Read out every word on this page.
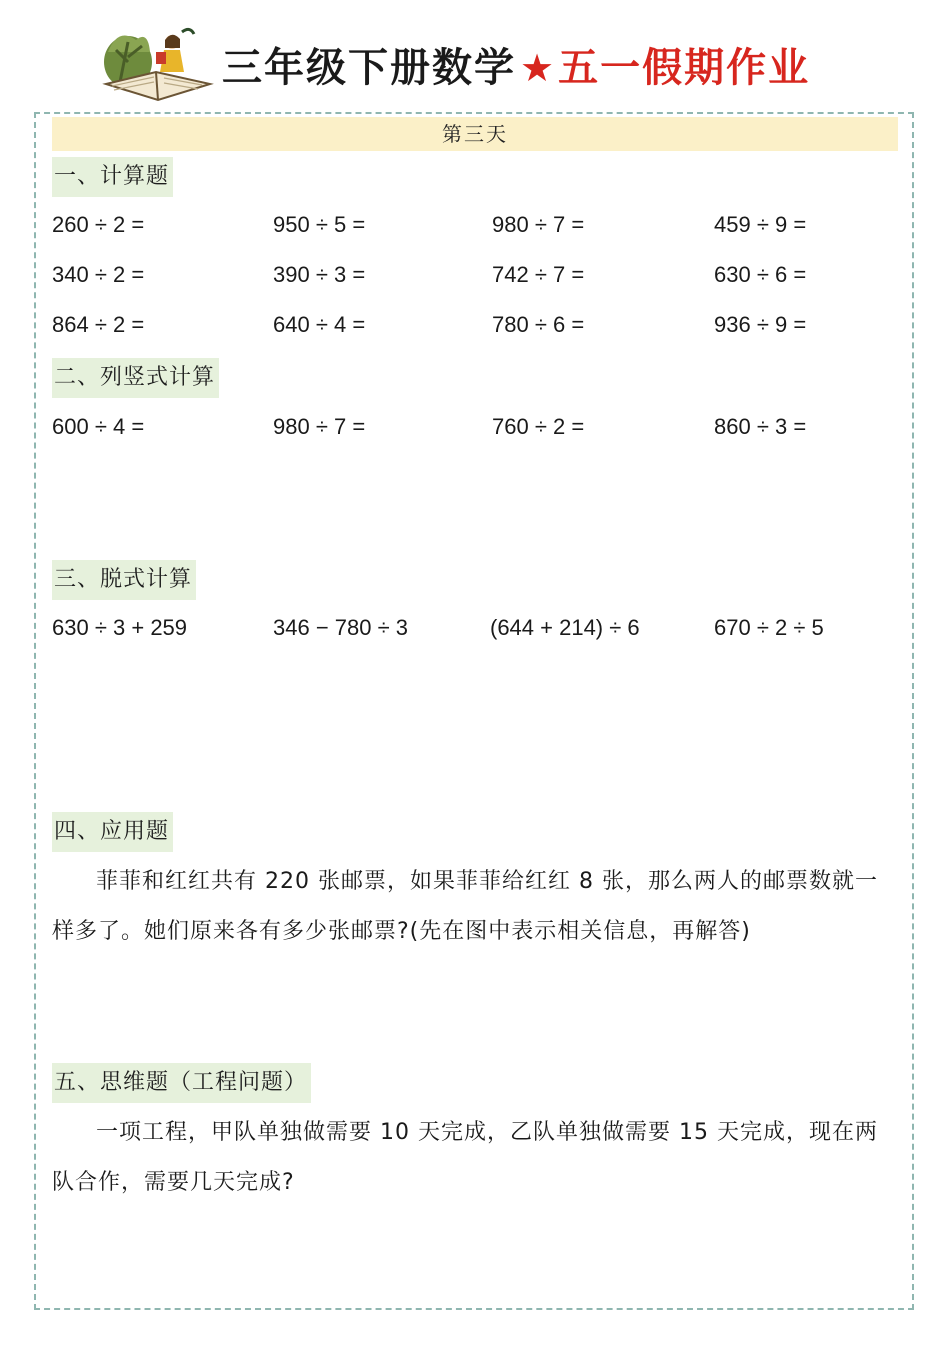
三年级下册数学 ★ 五一假期作业
第三天
一、计算题
260 ÷ 2 =	950 ÷ 5 =	980 ÷ 7 =	459 ÷ 9 =
340 ÷ 2 =	390 ÷ 3 =	742 ÷ 7 =	630 ÷ 6 =
864 ÷ 2 =	640 ÷ 4 =	780 ÷ 6 =	936 ÷ 9 =
二、列竖式计算
600 ÷ 4 =	980 ÷ 7 =	760 ÷ 2 =	860 ÷ 3 =
三、脱式计算
630 ÷ 3 + 259	346 − 780 ÷ 3	(644 + 214) ÷ 6	670 ÷ 2 ÷ 5
四、应用题

菲菲和红红共有 220 张邮票，如果菲菲给红红 8 张，那么两人的邮票数就一样多了。她们原来各有多少张邮票?(先在图中表示相关信息，再解答)

五、思维题（工程问题）

一项工程，甲队单独做需要 10 天完成，乙队单独做需要 15 天完成，现在两队合作，需要几天完成?
